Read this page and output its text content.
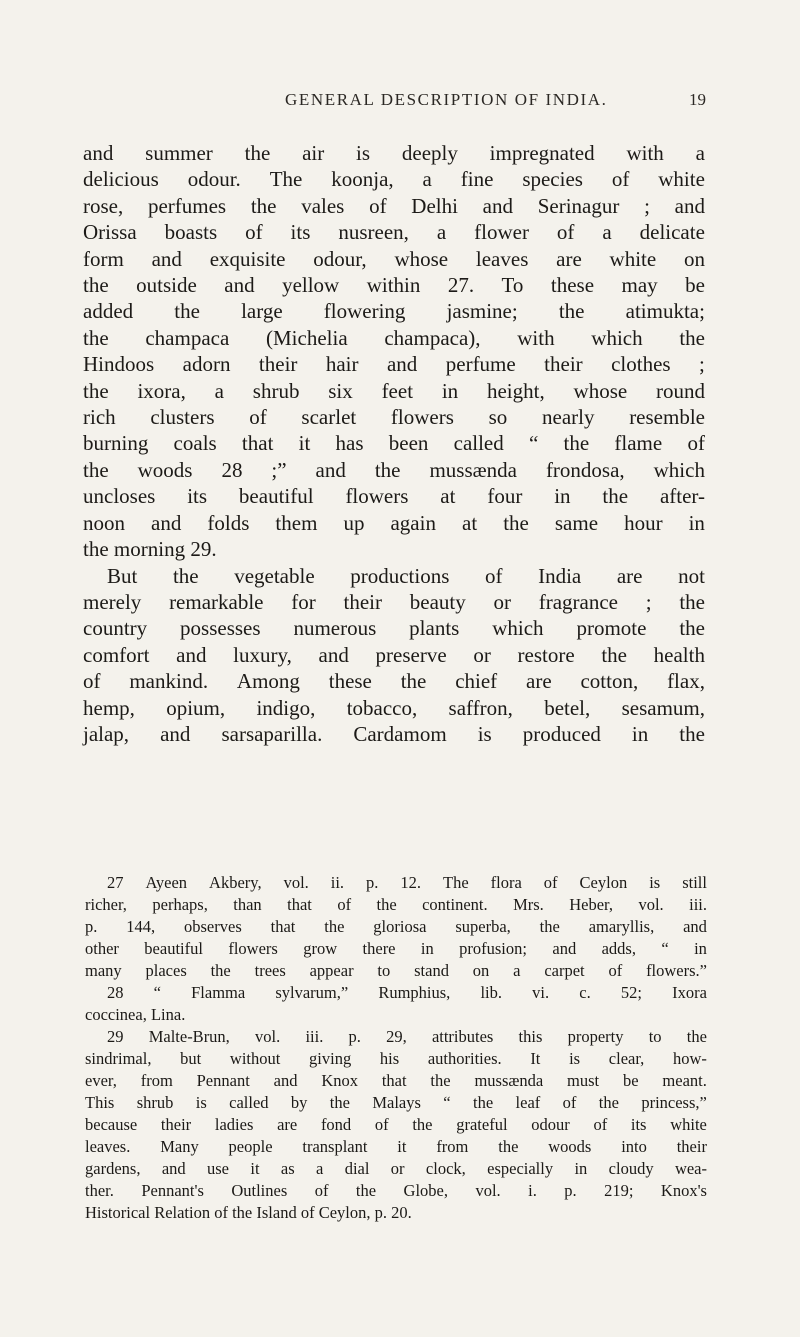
GENERAL DESCRIPTION OF INDIA.	19
and summer the air is deeply impregnated with a
delicious odour. The koonja, a fine species of white
rose, perfumes the vales of Delhi and Serinagur ; and
Orissa boasts of its nusreen, a flower of a delicate
form and exquisite odour, whose leaves are white on
the outside and yellow within 27. To these may be
added the large flowering jasmine; the atimukta;
the champaca (Michelia champaca), with which the
Hindoos adorn their hair and perfume their clothes ;
the ixora, a shrub six feet in height, whose round
rich clusters of scarlet flowers so nearly resemble
burning coals that it has been called “ the flame of
the woods 28 ;” and the mussænda frondosa, which
uncloses its beautiful flowers at four in the after-
noon and folds them up again at the same hour in
the morning 29.
But the vegetable productions of India are not
merely remarkable for their beauty or fragrance ; the
country possesses numerous plants which promote the
comfort and luxury, and preserve or restore the health
of mankind. Among these the chief are cotton, flax,
hemp, opium, indigo, tobacco, saffron, betel, sesamum,
jalap, and sarsaparilla. Cardamom is produced in the
27 Ayeen Akbery, vol. ii. p. 12. The flora of Ceylon is still
richer, perhaps, than that of the continent. Mrs. Heber, vol. iii.
p. 144, observes that the gloriosa superba, the amaryllis, and
other beautiful flowers grow there in profusion; and adds, “ in
many places the trees appear to stand on a carpet of flowers.”
28 “ Flamma sylvarum,” Rumphius, lib. vi. c. 52; Ixora
coccinea, Lina.
29 Malte-Brun, vol. iii. p. 29, attributes this property to the
sindrimal, but without giving his authorities. It is clear, how-
ever, from Pennant and Knox that the mussænda must be meant.
This shrub is called by the Malays “ the leaf of the princess,”
because their ladies are fond of the grateful odour of its white
leaves. Many people transplant it from the woods into their
gardens, and use it as a dial or clock, especially in cloudy wea-
ther. Pennant's Outlines of the Globe, vol. i. p. 219; Knox's
Historical Relation of the Island of Ceylon, p. 20.
